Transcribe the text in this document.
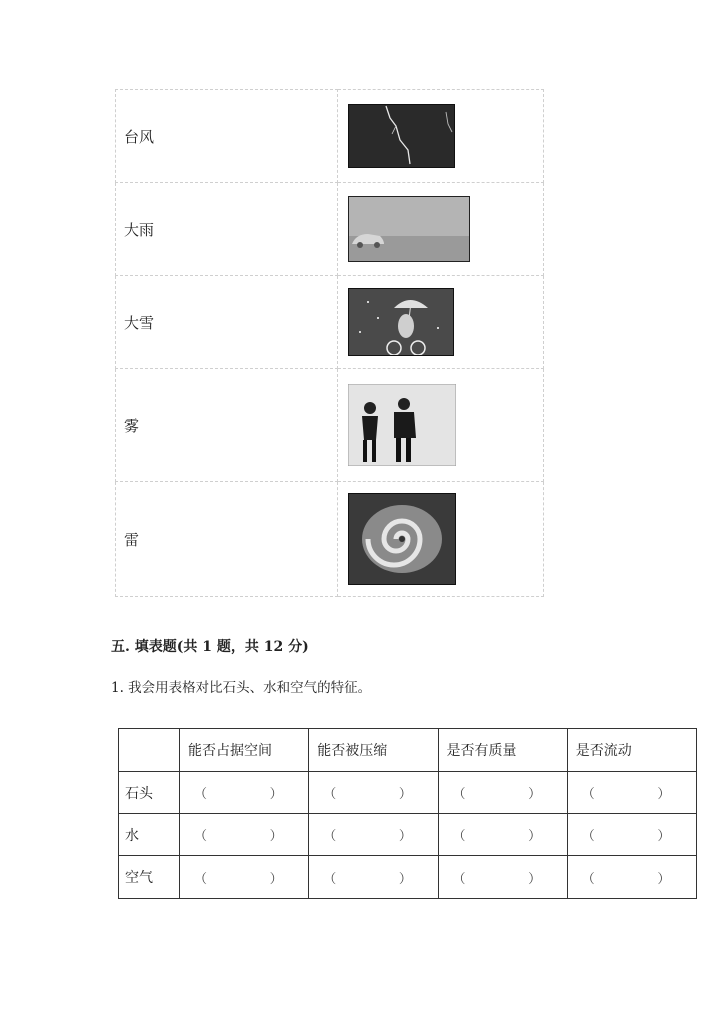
台风	

大雨	

大雪	

雾	

雷	

五. 填表题(共 1 题，共 12 分)

1. 我会用表格对比石头、水和空气的特征。

	能否占据空间	能否被压缩	是否有质量	是否流动
石头	（        ）	（        ）	（        ）	（        ）
水	（        ）	（        ）	（        ）	（        ）
空气	（        ）	（        ）	（        ）	（        ）
